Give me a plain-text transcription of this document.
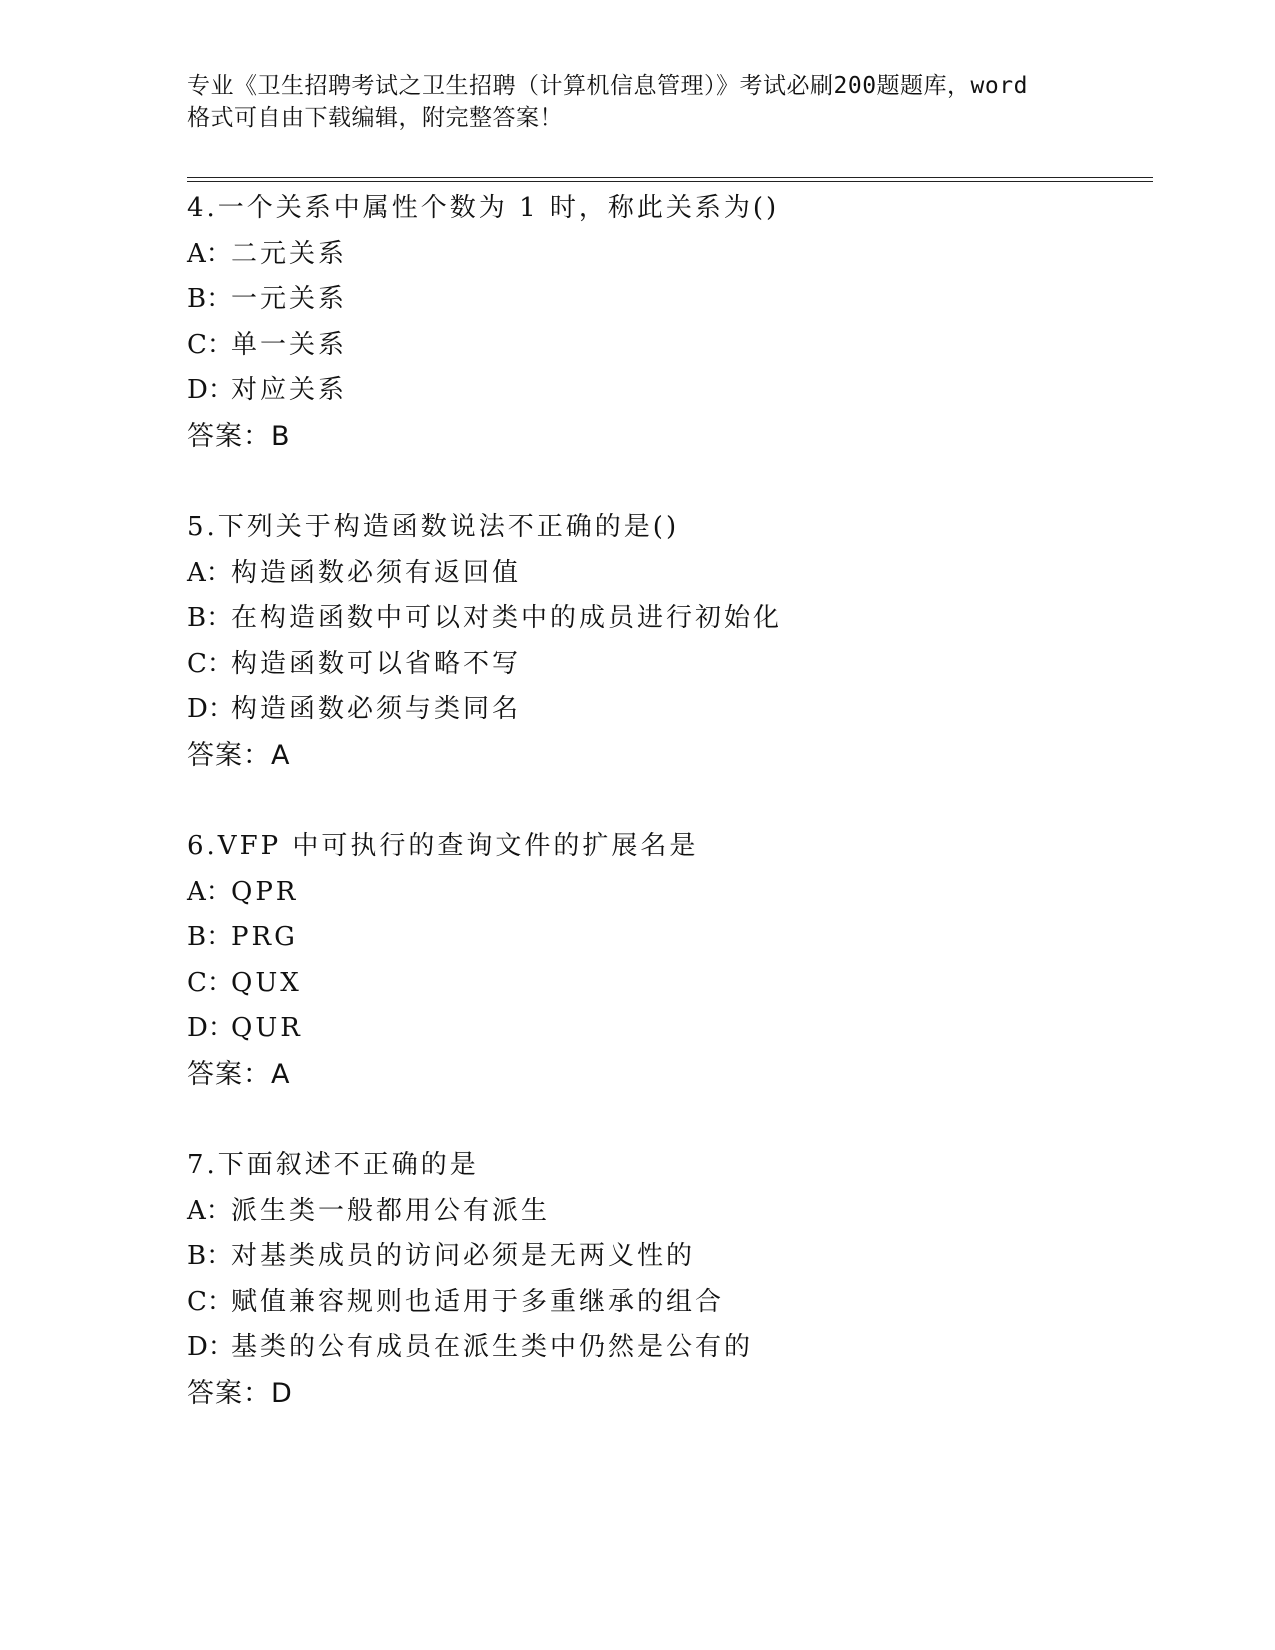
专业《卫生招聘考试之卫生招聘（计算机信息管理）》考试必刷200题题库，word
格式可自由下载编辑，附完整答案！
4.一个关系中属性个数为 1 时，称此关系为()
A：二元关系
B：一元关系
C：单一关系
D：对应关系
答案：B
5.下列关于构造函数说法不正确的是()
A：构造函数必须有返回值
B：在构造函数中可以对类中的成员进行初始化
C：构造函数可以省略不写
D：构造函数必须与类同名
答案：A
6.VFP 中可执行的查询文件的扩展名是
A：QPR
B：PRG
C：QUX
D：QUR
答案：A
7.下面叙述不正确的是
A：派生类一般都用公有派生
B：对基类成员的访问必须是无两义性的
C：赋值兼容规则也适用于多重继承的组合
D：基类的公有成员在派生类中仍然是公有的
答案：D
